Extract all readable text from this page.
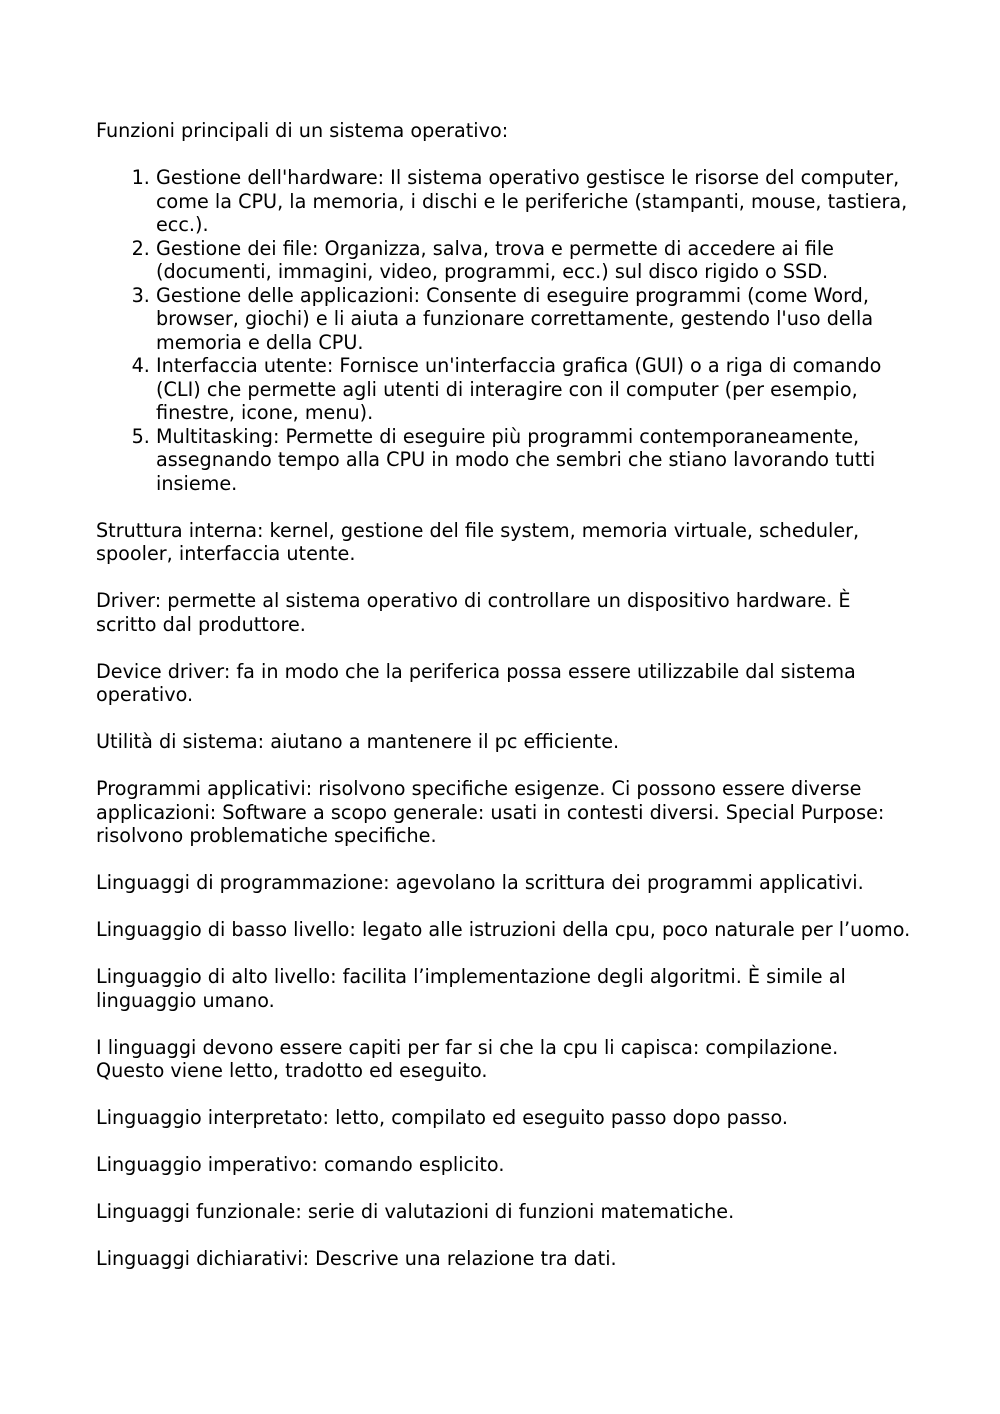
Funzioni principali di un sistema operativo:

1. Gestione dell'hardware: Il sistema operativo gestisce le risorse del computer, come la CPU, la memoria, i dischi e le periferiche (stampanti, mouse, tastiera, ecc.).
2. Gestione dei file: Organizza, salva, trova e permette di accedere ai file (documenti, immagini, video, programmi, ecc.) sul disco rigido o SSD.
3. Gestione delle applicazioni: Consente di eseguire programmi (come Word, browser, giochi) e li aiuta a funzionare correttamente, gestendo l'uso della memoria e della CPU.
4. Interfaccia utente: Fornisce un'interfaccia grafica (GUI) o a riga di comando (CLI) che permette agli utenti di interagire con il computer (per esempio, finestre, icone, menu).
5. Multitasking: Permette di eseguire più programmi contemporaneamente, assegnando tempo alla CPU in modo che sembri che stiano lavorando tutti insieme.

Struttura interna: kernel, gestione del file system, memoria virtuale, scheduler, spooler, interfaccia utente.

Driver: permette al sistema operativo di controllare un dispositivo hardware. È scritto dal produttore.

Device driver: fa in modo che la periferica possa essere utilizzabile dal sistema operativo.

Utilità di sistema: aiutano a mantenere il pc efficiente.

Programmi applicativi: risolvono specifiche esigenze. Ci possono essere diverse applicazioni: Software a scopo generale: usati in contesti diversi. Special Purpose: risolvono problematiche specifiche.

Linguaggi di programmazione: agevolano la scrittura dei programmi applicativi.

Linguaggio di basso livello: legato alle istruzioni della cpu, poco naturale per l’uomo.

Linguaggio di alto livello: facilita l’implementazione degli algoritmi. È simile al linguaggio umano.

I linguaggi devono essere capiti per far si che la cpu li capisca: compilazione. Questo viene letto, tradotto ed eseguito.

Linguaggio interpretato: letto, compilato ed eseguito passo dopo passo.

Linguaggio imperativo: comando esplicito.

Linguaggi funzionale: serie di valutazioni di funzioni matematiche.

Linguaggi dichiarativi: Descrive una relazione tra dati.
